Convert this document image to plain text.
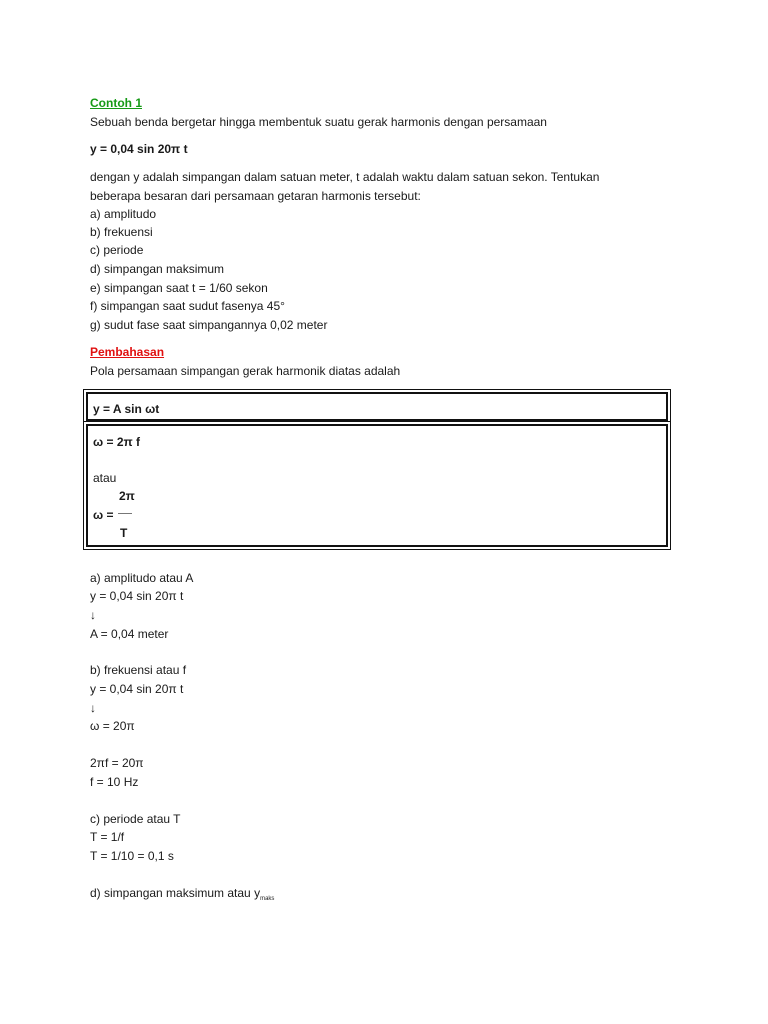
Contoh 1
Sebuah benda bergetar hingga membentuk suatu gerak harmonis dengan persamaan
y = 0,04 sin 20π t
dengan y adalah simpangan dalam satuan meter, t adalah waktu dalam satuan sekon. Tentukan
beberapa besaran dari persamaan getaran harmonis tersebut:
a) amplitudo
b) frekuensi
c) periode
d) simpangan maksimum
e) simpangan saat t = 1/60 sekon
f) simpangan saat sudut fasenya 45°
g) sudut fase saat simpangannya 0,02 meter
Pembahasan
Pola persamaan simpangan gerak harmonik diatas adalah
y = A sin ωt
ω = 2π f
atau
2π
ω =
T
a) amplitudo atau A
y = 0,04 sin 20π t
↓
A = 0,04 meter
b) frekuensi atau f
y = 0,04 sin 20π t
↓
ω = 20π
2πf = 20π
f = 10 Hz
c) periode atau T
T = 1/f
T = 1/10 = 0,1 s
d) simpangan maksimum atau $y_{maks}$
